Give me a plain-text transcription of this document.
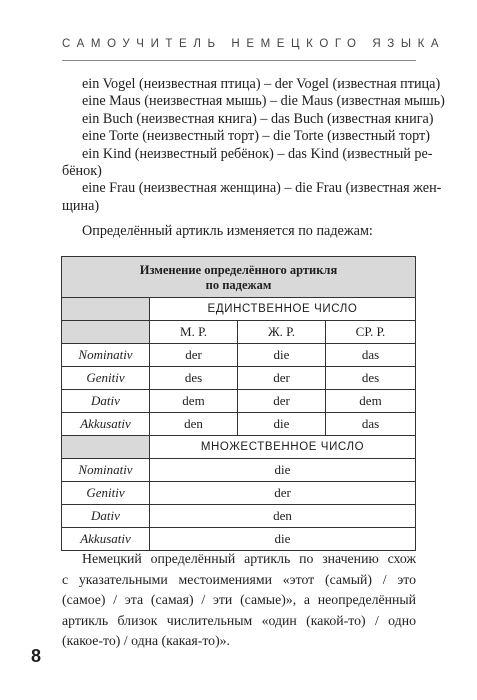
САМОУЧИТЕЛЬ НЕМЕЦКОГО ЯЗЫКА
ein Vogel (неизвестная птица) – der Vogel (известная птица)
eine Maus (неизвестная мышь) – die Maus (известная мышь)
ein Buch (неизвестная книга) – das Buch (известная книга)
eine Torte (неизвестный торт) – die Torte (известный торт)
ein Kind (неизвестный ребёнок) – das Kind (известный ре-
бёнок)
eine Frau (неизвестная женщина) – die Frau (известная жен-
щина)
Определённый артикль изменяется по падежам:
Изменение определённого артикля
по падежам			
	ЕДИНСТВЕННОЕ ЧИСЛО		
	М. Р.	Ж. Р.	СР. Р.
Nominativ	der	die	das
Genitiv	des	der	des
Dativ	dem	der	dem
Akkusativ	den	die	das
	МНОЖЕСТВЕННОЕ ЧИСЛО		
Nominativ	die		
Genitiv	der		
Dativ	den		
Akkusativ	die		
Немецкий определённый артикль по значению схож
с указательными местоимениями «этот (самый) / это
(самое) / эта (самая) / эти (самые)», а неопределённый
артикль близок числительным «один (какой-то) / одно
(какое-то) / одна (какая-то)».
8
